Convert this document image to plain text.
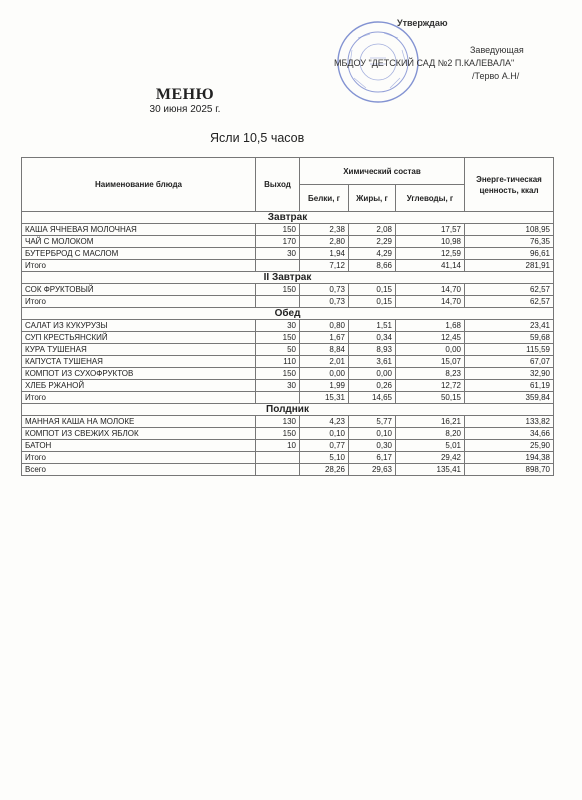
Утверждаю
Заведующая
МБДОУ "ДЕТСКИЙ САД №2 П.КАЛЕВАЛА"
/Терво А.Н/
МЕНЮ
30 июня 2025 г.
Ясли 10,5 часов
Наименование блюда	Выход	Химический состав			Энерге-тическая ценность, ккал
		Белки, г	Жиры, г	Углеводы, г	
Завтрак					
КАША ЯЧНЕВАЯ МОЛОЧНАЯ	150	2,38	2,08	17,57	108,95
ЧАЙ С МОЛОКОМ	170	2,80	2,29	10,98	76,35
БУТЕРБРОД С МАСЛОМ	30	1,94	4,29	12,59	96,61
Итого		7,12	8,66	41,14	281,91
II Завтрак					
СОК ФРУКТОВЫЙ	150	0,73	0,15	14,70	62,57
Итого		0,73	0,15	14,70	62,57
Обед					
САЛАТ ИЗ КУКУРУЗЫ	30	0,80	1,51	1,68	23,41
СУП КРЕСТЬЯНСКИЙ	150	1,67	0,34	12,45	59,68
КУРА ТУШЕНАЯ	50	8,84	8,93	0,00	115,59
КАПУСТА ТУШЕНАЯ	110	2,01	3,61	15,07	67,07
КОМПОТ ИЗ СУХОФРУКТОВ	150	0,00	0,00	8,23	32,90
ХЛЕБ РЖАНОЙ	30	1,99	0,26	12,72	61,19
Итого		15,31	14,65	50,15	359,84
Полдник					
МАННАЯ КАША НА МОЛОКЕ	130	4,23	5,77	16,21	133,82
КОМПОТ ИЗ СВЕЖИХ ЯБЛОК	150	0,10	0,10	8,20	34,66
БАТОН	10	0,77	0,30	5,01	25,90
Итого		5,10	6,17	29,42	194,38
Всего		28,26	29,63	135,41	898,70
